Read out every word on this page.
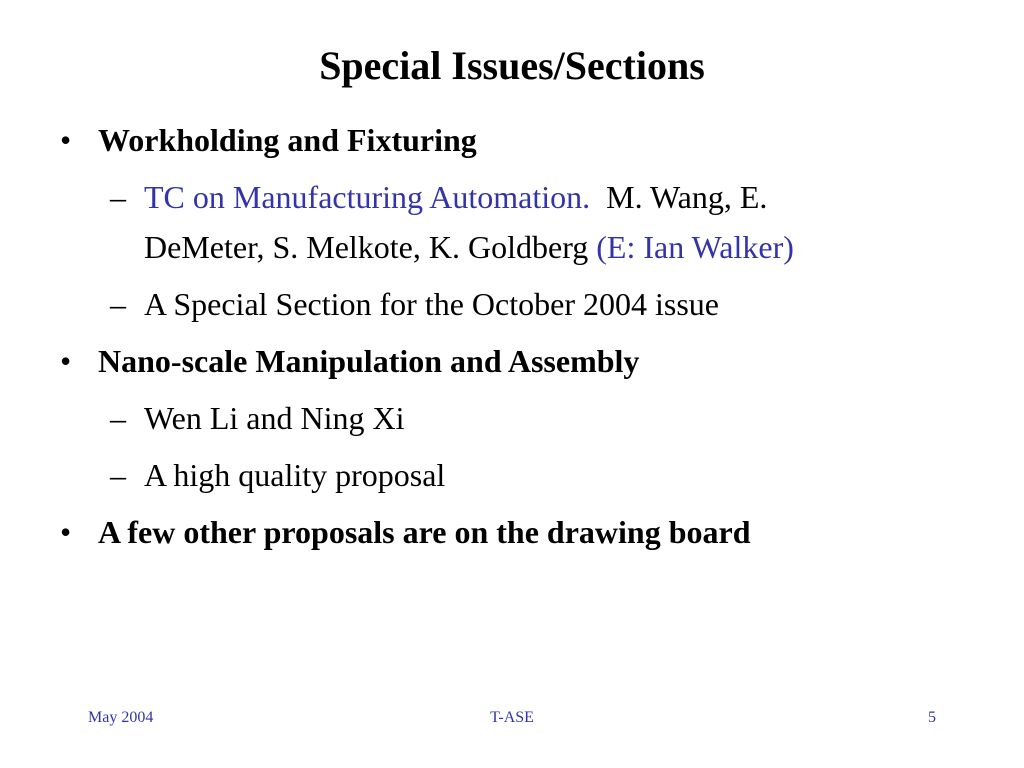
Special Issues/Sections
• Workholding and Fixturing
– TC on Manufacturing Automation. M. Wang, E.
DeMeter, S. Melkote, K. Goldberg (E: Ian Walker)
– A Special Section for the October 2004 issue
• Nano-scale Manipulation and Assembly
– Wen Li and Ning Xi
– A high quality proposal
• A few other proposals are on the drawing board
May 2004	T-ASE	5
